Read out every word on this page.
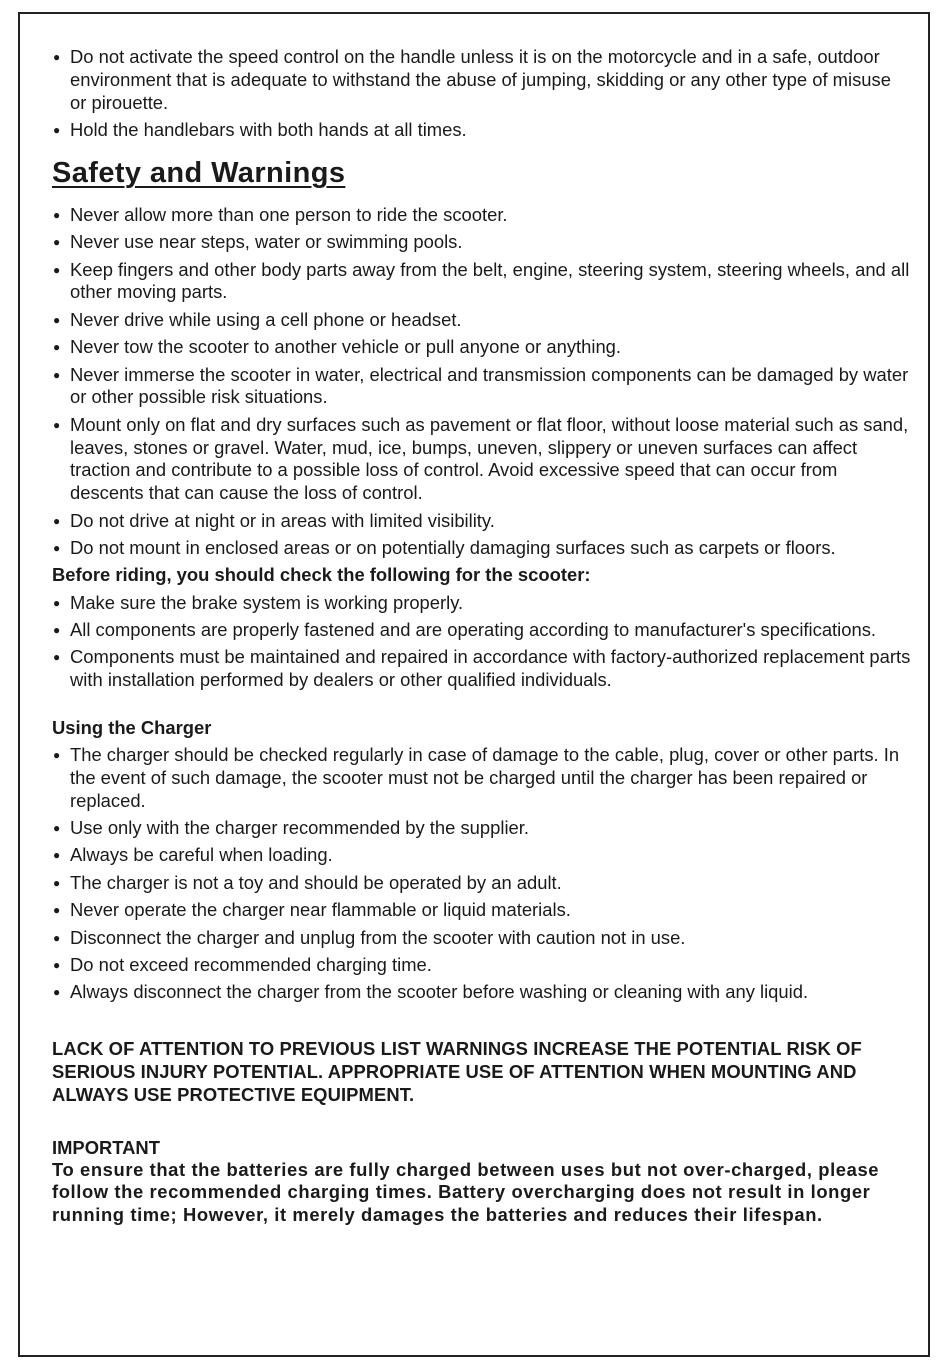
● Do not activate the speed control on the handle unless it is on the motorcycle and in a safe, outdoor environment that is adequate to withstand the abuse of jumping, skidding or any other type of misuse or pirouette.
● Hold the handlebars with both hands at all times.
Safety and Warnings
● Never allow more than one person to ride the scooter.
● Never use near steps, water or swimming pools.
● Keep fingers and other body parts away from the belt, engine, steering system, steering wheels, and all other moving parts.
● Never drive while using a cell phone or headset.
● Never tow the scooter to another vehicle or pull anyone or anything.
● Never immerse the scooter in water, electrical and transmission components can be damaged by water or other possible risk situations.
● Mount only on flat and dry surfaces such as pavement or flat floor, without loose material such as sand, leaves, stones or gravel. Water, mud, ice, bumps, uneven, slippery or uneven surfaces can affect traction and contribute to a possible loss of control. Avoid excessive speed that can occur from descents that can cause the loss of control.
● Do not drive at night or in areas with limited visibility.
● Do not mount in enclosed areas or on potentially damaging surfaces such as carpets or floors.
Before riding, you should check the following for the scooter:
● Make sure the brake system is working properly.
● All components are properly fastened and are operating according to manufacturer's specifications.
● Components must be maintained and repaired in accordance with factory-authorized replacement parts with installation performed by dealers or other qualified individuals.
Using the Charger
● The charger should be checked regularly in case of damage to the cable, plug, cover or other parts. In the event of such damage, the scooter must not be charged until the charger has been repaired or replaced.
● Use only with the charger recommended by the supplier.
● Always be careful when loading.
● The charger is not a toy and should be operated by an adult.
● Never operate the charger near flammable or liquid materials.
● Disconnect the charger and unplug from the scooter with caution not in use.
● Do not exceed recommended charging time.
● Always disconnect the charger from the scooter before washing or cleaning with any liquid.

LACK OF ATTENTION TO PREVIOUS LIST WARNINGS INCREASE THE POTENTIAL RISK OF SERIOUS INJURY POTENTIAL. APPROPRIATE USE OF ATTENTION WHEN MOUNTING AND ALWAYS USE PROTECTIVE EQUIPMENT.

IMPORTANT

To ensure that the batteries are fully charged between uses but not over-charged, please follow the recommended charging times. Battery overcharging does not result in longer running time; However, it merely damages the batteries and reduces their lifespan.
